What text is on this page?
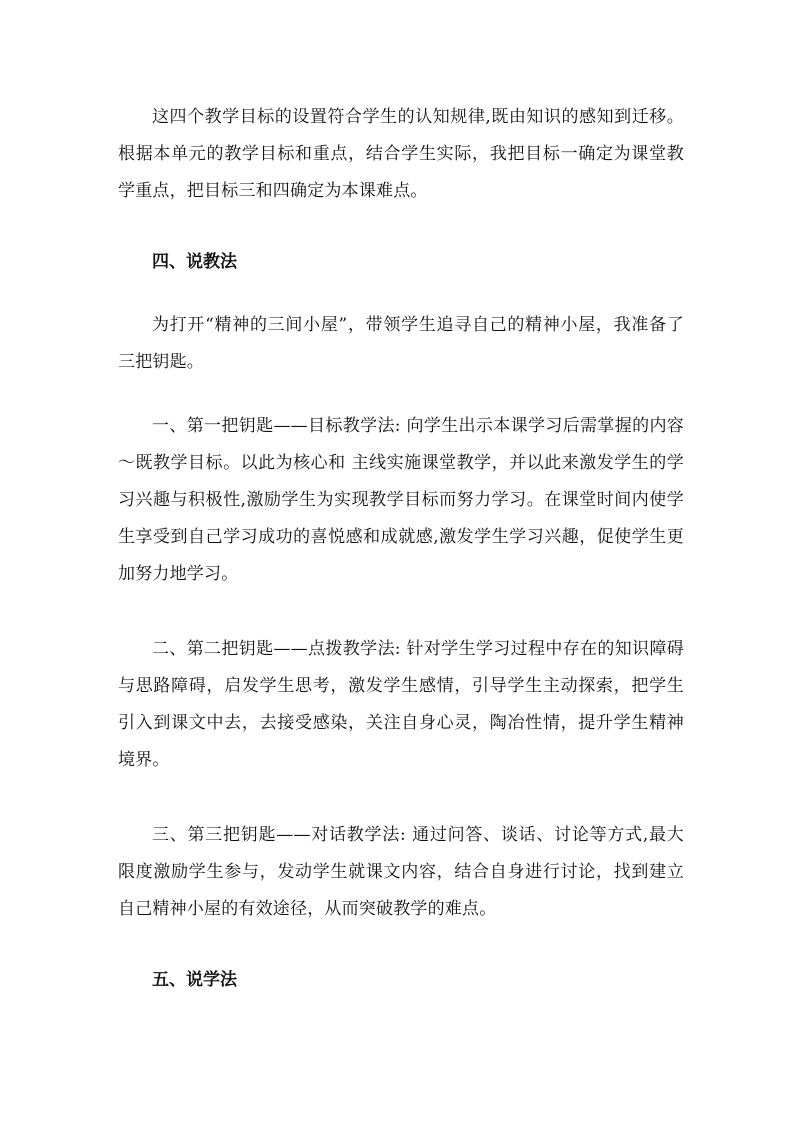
这四个教学目标的设置符合学生的认知规律,既由知识的感知到迁移。根据本单元的教学目标和重点，结合学生实际，我把目标一确定为课堂教学重点，把目标三和四确定为本课难点。

四、说教法

为打开“精神的三间小屋”，带领学生追寻自己的精神小屋，我准备了三把钥匙。

一、第一把钥匙——目标教学法: 向学生出示本课学习后需掌握的内容～既教学目标。以此为核心和 主线实施课堂教学，并以此来激发学生的学习兴趣与积极性,激励学生为实现教学目标而努力学习。在课堂时间内使学生享受到自己学习成功的喜悦感和成就感,激发学生学习兴趣，促使学生更加努力地学习。

二、第二把钥匙——点拨教学法: 针对学生学习过程中存在的知识障碍与思路障碍，启发学生思考，激发学生感情，引导学生主动探索，把学生引入到课文中去，去接受感染，关注自身心灵，陶冶性情，提升学生精神境界。

三、第三把钥匙——对话教学法: 通过问答、谈话、讨论等方式,最大限度激励学生参与，发动学生就课文内容，结合自身进行讨论，找到建立自己精神小屋的有效途径，从而突破教学的难点。

五、说学法
